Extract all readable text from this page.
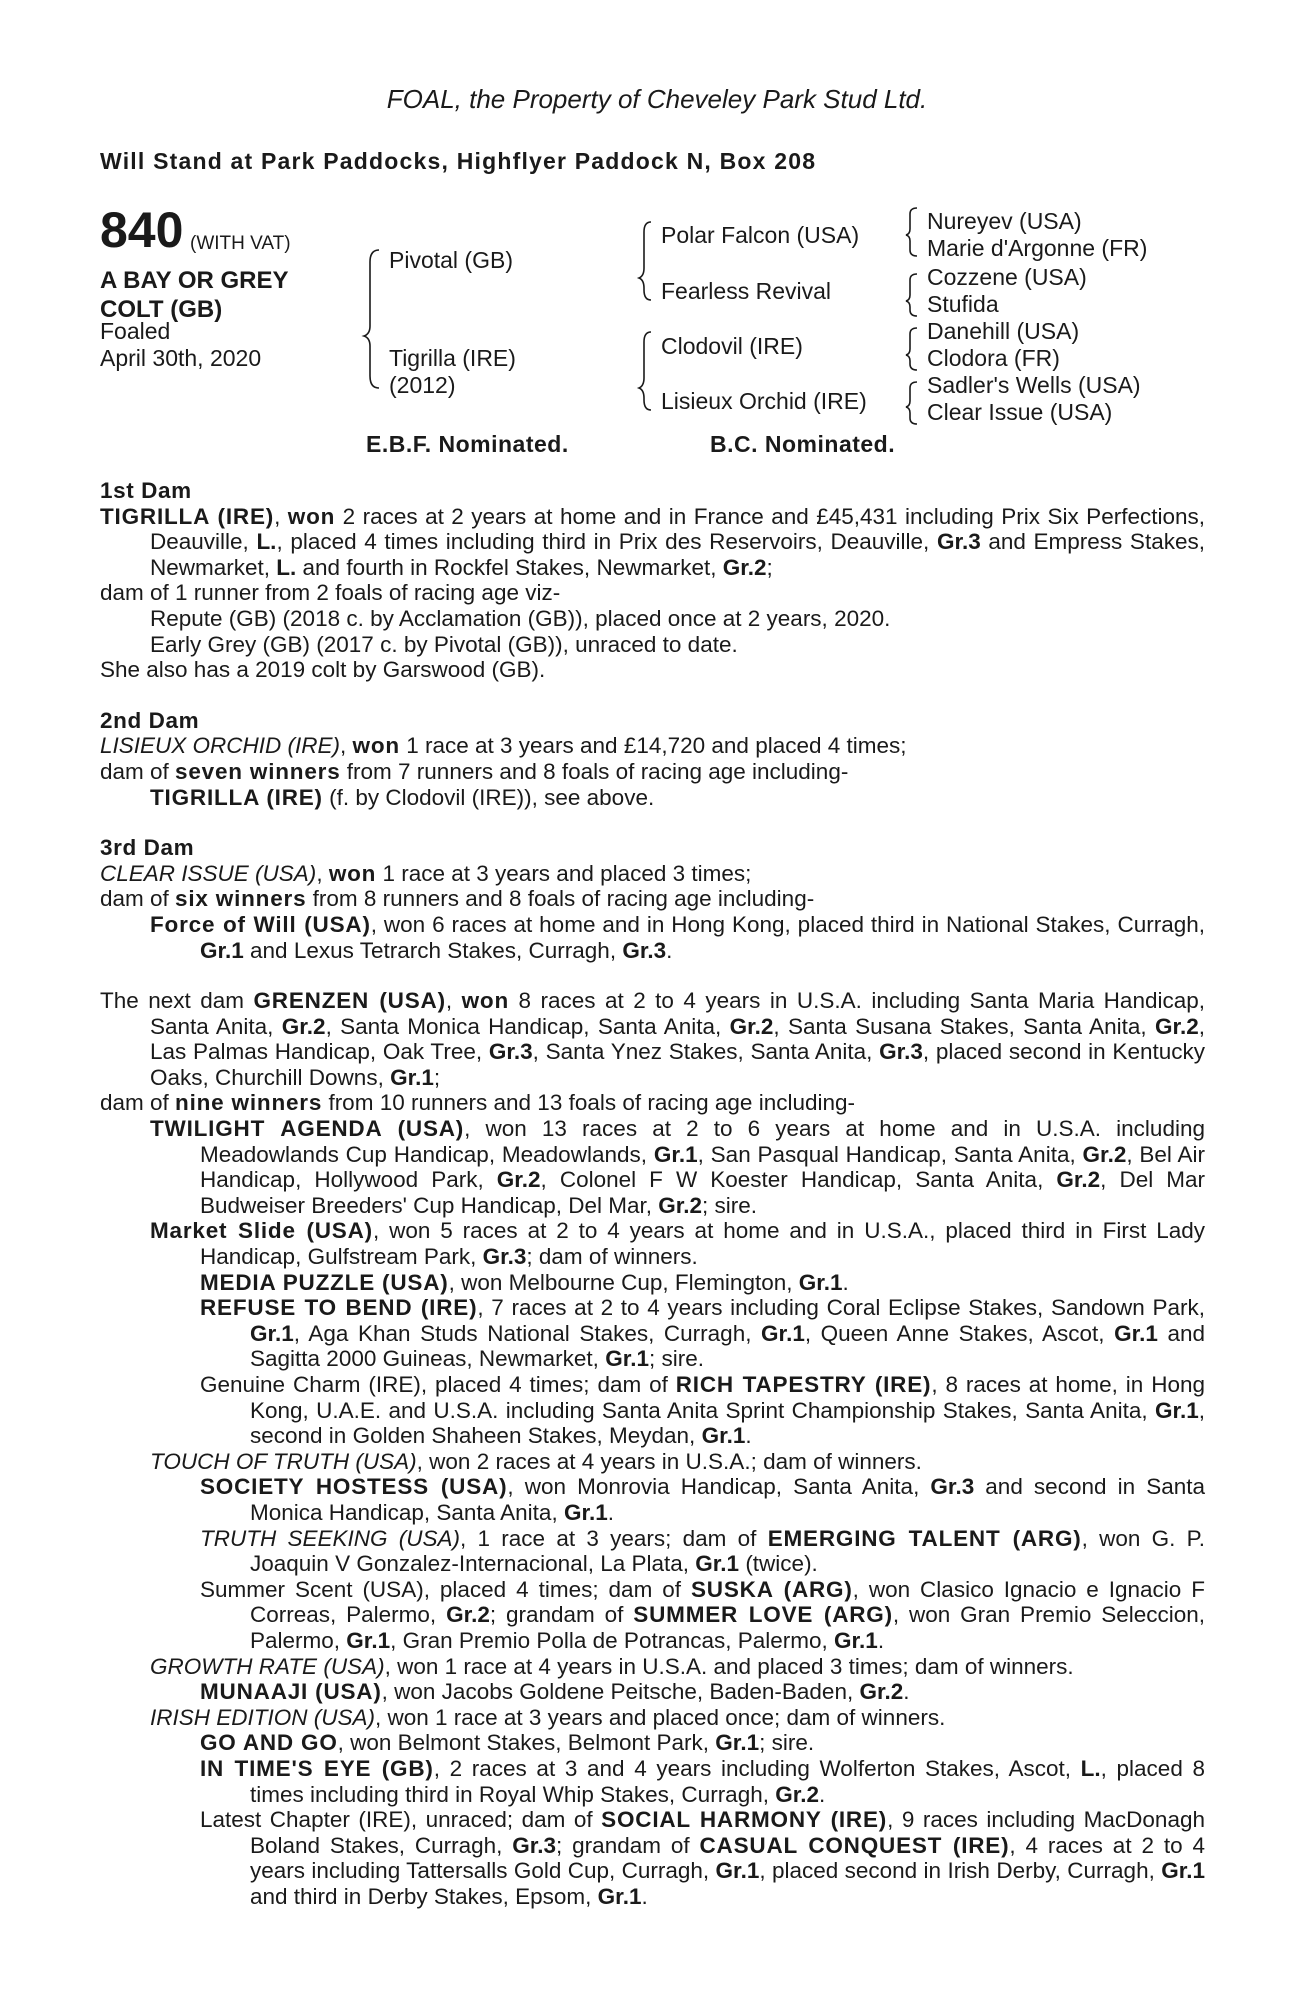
FOAL, the Property of Cheveley Park Stud Ltd.
Will Stand at Park Paddocks, Highflyer Paddock N, Box 208
840 (WITH VAT)
A BAY OR GREY
COLT (GB)
Foaled
April 30th, 2020
Pivotal (GB)
Tigrilla (IRE)
(2012)
Polar Falcon (USA)
Fearless Revival
Clodovil (IRE)
Lisieux Orchid (IRE)
Nureyev (USA)
Marie d'Argonne (FR)
Cozzene (USA)
Stufida
Danehill (USA)
Clodora (FR)
Sadler's Wells (USA)
Clear Issue (USA)
E.B.F. Nominated.	B.C. Nominated.
1st Dam
TIGRILLA (IRE), won 2 races at 2 years at home and in France and £45,431 including Prix Six Perfections, Deauville, L., placed 4 times including third in Prix des Reservoirs, Deauville, Gr.3 and Empress Stakes, Newmarket, L. and fourth in Rockfel Stakes, Newmarket, Gr.2;
dam of 1 runner from 2 foals of racing age viz-
Repute (GB) (2018 c. by Acclamation (GB)), placed once at 2 years, 2020.
Early Grey (GB) (2017 c. by Pivotal (GB)), unraced to date.
She also has a 2019 colt by Garswood (GB).
2nd Dam
LISIEUX ORCHID (IRE), won 1 race at 3 years and £14,720 and placed 4 times;
dam of seven winners from 7 runners and 8 foals of racing age including-
TIGRILLA (IRE) (f. by Clodovil (IRE)), see above.
3rd Dam
CLEAR ISSUE (USA), won 1 race at 3 years and placed 3 times;
dam of six winners from 8 runners and 8 foals of racing age including-
Force of Will (USA), won 6 races at home and in Hong Kong, placed third in National Stakes, Curragh, Gr.1 and Lexus Tetrarch Stakes, Curragh, Gr.3.
The next dam GRENZEN (USA), won 8 races at 2 to 4 years in U.S.A. including Santa Maria Handicap, Santa Anita, Gr.2, Santa Monica Handicap, Santa Anita, Gr.2, Santa Susana Stakes, Santa Anita, Gr.2, Las Palmas Handicap, Oak Tree, Gr.3, Santa Ynez Stakes, Santa Anita, Gr.3, placed second in Kentucky Oaks, Churchill Downs, Gr.1;
dam of nine winners from 10 runners and 13 foals of racing age including-
TWILIGHT AGENDA (USA), won 13 races at 2 to 6 years at home and in U.S.A. including Meadowlands Cup Handicap, Meadowlands, Gr.1, San Pasqual Handicap, Santa Anita, Gr.2, Bel Air Handicap, Hollywood Park, Gr.2, Colonel F W Koester Handicap, Santa Anita, Gr.2, Del Mar Budweiser Breeders' Cup Handicap, Del Mar, Gr.2; sire.
Market Slide (USA), won 5 races at 2 to 4 years at home and in U.S.A., placed third in First Lady Handicap, Gulfstream Park, Gr.3; dam of winners.
MEDIA PUZZLE (USA), won Melbourne Cup, Flemington, Gr.1.
REFUSE TO BEND (IRE), 7 races at 2 to 4 years including Coral Eclipse Stakes, Sandown Park, Gr.1, Aga Khan Studs National Stakes, Curragh, Gr.1, Queen Anne Stakes, Ascot, Gr.1 and Sagitta 2000 Guineas, Newmarket, Gr.1; sire.
Genuine Charm (IRE), placed 4 times; dam of RICH TAPESTRY (IRE), 8 races at home, in Hong Kong, U.A.E. and U.S.A. including Santa Anita Sprint Championship Stakes, Santa Anita, Gr.1, second in Golden Shaheen Stakes, Meydan, Gr.1.
TOUCH OF TRUTH (USA), won 2 races at 4 years in U.S.A.; dam of winners.
SOCIETY HOSTESS (USA), won Monrovia Handicap, Santa Anita, Gr.3 and second in Santa Monica Handicap, Santa Anita, Gr.1.
TRUTH SEEKING (USA), 1 race at 3 years; dam of EMERGING TALENT (ARG), won G. P. Joaquin V Gonzalez-Internacional, La Plata, Gr.1 (twice).
Summer Scent (USA), placed 4 times; dam of SUSKA (ARG), won Clasico Ignacio e Ignacio F Correas, Palermo, Gr.2; grandam of SUMMER LOVE (ARG), won Gran Premio Seleccion, Palermo, Gr.1, Gran Premio Polla de Potrancas, Palermo, Gr.1.
GROWTH RATE (USA), won 1 race at 4 years in U.S.A. and placed 3 times; dam of winners.
MUNAAJI (USA), won Jacobs Goldene Peitsche, Baden-Baden, Gr.2.
IRISH EDITION (USA), won 1 race at 3 years and placed once; dam of winners.
GO AND GO, won Belmont Stakes, Belmont Park, Gr.1; sire.
IN TIME'S EYE (GB), 2 races at 3 and 4 years including Wolferton Stakes, Ascot, L., placed 8 times including third in Royal Whip Stakes, Curragh, Gr.2.
Latest Chapter (IRE), unraced; dam of SOCIAL HARMONY (IRE), 9 races including MacDonagh Boland Stakes, Curragh, Gr.3; grandam of CASUAL CONQUEST (IRE), 4 races at 2 to 4 years including Tattersalls Gold Cup, Curragh, Gr.1, placed second in Irish Derby, Curragh, Gr.1 and third in Derby Stakes, Epsom, Gr.1.
